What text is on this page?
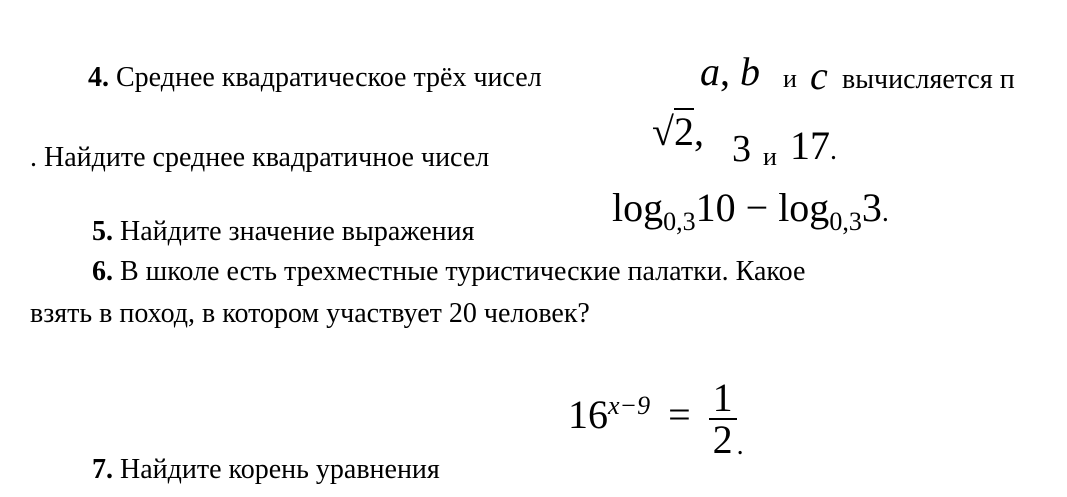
4. Среднее квадратическое трёх чисел	a, b и c вычисляется п
. Найдите среднее квадратичное чисел
√2, 3 и 17.
5. Найдите значение выражения
$\log_{0,3}10 - \log_{0,3}3$.
6. В школе есть трехместные туристические палатки. Какое
взять в поход, в котором участвует 20 человек?
$16^{x-9} = \frac{1}{2}$ .
7. Найдите корень уравнения
